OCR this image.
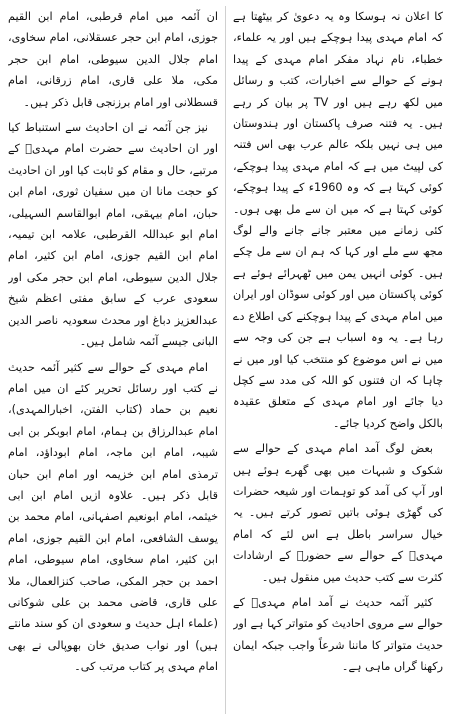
کا اعلان نہ ہوسکا وہ یہ دعویٰ کر بیٹھتا ہے کہ امام مہدی پیدا ہوچکے ہیں اور یہ علماء، خطباء، نام نہاد مفکر امام مہدی کے پیدا ہونے کے حوالے سے اخبارات، کتب و رسائل میں لکھ رہے ہیں اور TV پر بیان کر رہے ہیں۔ یہ فتنہ صرف پاکستان اور ہندوستان میں ہی نہیں بلکہ عالم عرب بھی اس فتنہ کی لپیٹ میں ہے کہ امام مہدی پیدا ہوچکے، کوئی کہتا ہے کہ وہ 1960ء کے پیدا ہوچکے، کوئی کہتا ہے کہ میں ان سے مل بھی ہوں۔ کئی زمانے میں معتبر جانے جانے والے لوگ مجھ سے ملے اور کہا کہ ہم ان سے مل چکے ہیں۔ کوئی انہیں یمن میں ٹھہرائے ہوئے ہے کوئی پاکستان میں اور کوئی سوڈان اور ایران میں امام مہدی کے پیدا ہوچکنے کی اطلاع دے رہا ہے۔ یہ وہ اسباب ہے جن کی وجہ سے میں نے اس موضوع کو منتخب کیا اور میں نے چاہا کہ ان فتنوں کو اللہ کی مدد سے کچل دیا جائے اور امام مہدی کے متعلق عقیدہ بالکل واضح کردیا جائے۔

بعض لوگ آمد امام مہدی کے حوالے سے شکوک و شبہات میں بھی گھرے ہوئے ہیں اور آپ کی آمد کو توہمات اور شیعہ حضرات کی گھڑی ہوئی باتیں تصور کرتے ہیں۔ یہ خیال سراسر باطل ہے اس لئے کہ امام مہدیؑ کے حوالے سے حضورؐ کے ارشادات کثرت سے کتب حدیث میں منقول ہیں۔

کثیر آئمہ حدیث نے آمد امام مہدیؑ کے حوالے سے مروی احادیث کو متواتر کہا ہے اور حدیث متواتر کا ماننا شرعاً واجب جبکہ ایمان رکھنا گراں ماہی ہے۔

ان آئمہ میں امام قرطبی، امام ابن القیم جوزی، امام ابن حجر عسقلانی، امام سخاوی، امام جلال الدین سیوطی، امام ابن حجر مکی، ملا علی قاری، امام زرقانی، امام قسطلانی اور امام برزنجی قابل ذکر ہیں۔

نیز جن آئمہ نے ان احادیث سے استنباط کیا اور ان احادیث سے حضرت امام مہدیؑ کے مرتبے، حال و مقام کو ثابت کیا اور ان احادیث کو حجت مانا ان میں سفیان ثوری، امام ابن حبان، امام بیہقی، امام ابوالقاسم السہیلی، امام ابو عبداللہ القرطبی، علامہ ابن تیمیہ، امام ابن القیم جوزی، امام ابن کثیر، امام جلال الدین سیوطی، امام ابن حجر مکی اور سعودی عرب کے سابق مفتی اعظم شیخ عبدالعزیز دباغ اور محدث سعودیہ ناصر الدین البانی جیسے آئمہ شامل ہیں۔

امام مہدی کے حوالے سے کثیر آئمہ حدیث نے کتب اور رسائل تحریر کئے ان میں امام نعیم بن حماد (کتاب الفتن، اخبارالمہدی)، امام عبدالرزاق بن ہمام، امام ابوبکر بن ابی شیبہ، امام ابن ماجہ، امام ابوداؤد، امام ترمذی امام ابن خزیمہ اور امام ابن حبان قابل ذکر ہیں۔ علاوہ ازیں امام ابن ابی خیثمہ، امام ابونعیم اصفہانی، امام محمد بن یوسف الشافعی، امام ابن القیم جوزی، امام ابن کثیر، امام سخاوی، امام سیوطی، امام احمد بن حجر المکی، صاحب کنزالعمال، ملا علی قاری، قاضی محمد بن علی شوکانی (علماء اہل حدیث و سعودی ان کو سند مانتے ہیں) اور نواب صدیق خان بھوپالی نے بھی امام مہدی پر کتاب مرتب کی۔
